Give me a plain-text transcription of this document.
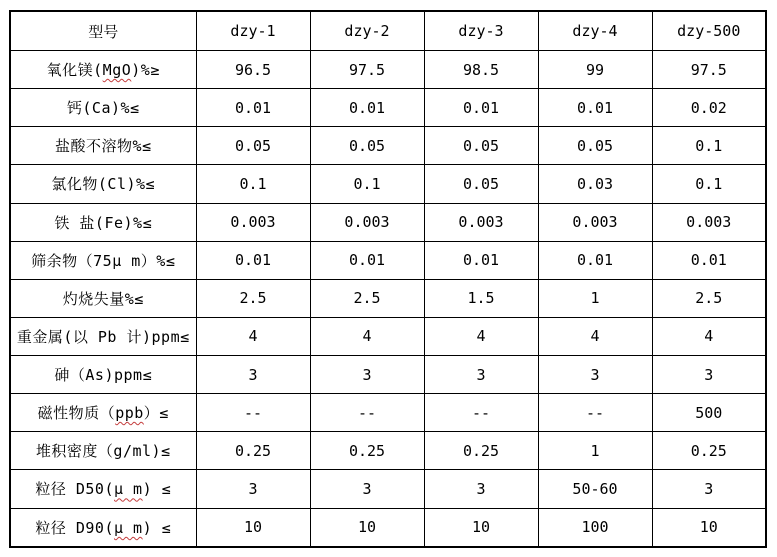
型号	dzy-1	dzy-2	dzy-3	dzy-4	dzy-500
氧化镁(MgO)%≥	96.5	97.5	98.5	99	97.5
钙(Ca)%≤	0.01	0.01	0.01	0.01	0.02
盐酸不溶物%≤	0.05	0.05	0.05	0.05	0.1
氯化物(Cl)%≤	0.1	0.1	0.05	0.03	0.1
铁 盐(Fe)%≤	0.003	0.003	0.003	0.003	0.003
筛余物（75μ m）%≤	0.01	0.01	0.01	0.01	0.01
灼烧失量%≤	2.5	2.5	1.5	1	2.5
重金属(以 Pb 计)ppm≤	4	4	4	4	4
砷（As)ppm≤	3	3	3	3	3
磁性物质（ppb）≤	--	--	--	--	500
堆积密度（g/ml)≤	0.25	0.25	0.25	1	0.25
粒径 D50(μ m) ≤	3	3	3	50-60	3
粒径 D90(μ m) ≤	10	10	10	100	10
